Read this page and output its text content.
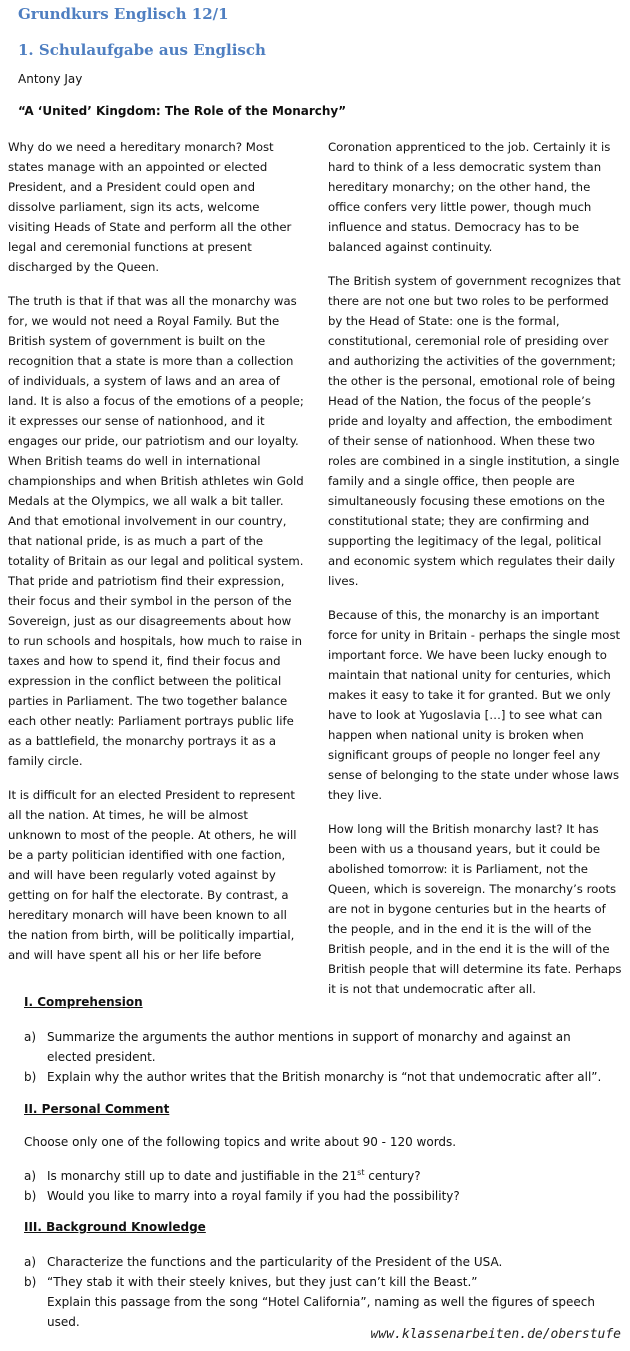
Grundkurs Englisch 12/1
1. Schulaufgabe aus Englisch
Antony Jay
“A ‘United’ Kingdom: The Role of the Monarchy”

Why do we need a hereditary monarch? Most states manage with an appointed or elected President, and a President could open and dissolve parliament, sign its acts, welcome visiting Heads of State and perform all the other legal and ceremonial functions at present discharged by the Queen.

The truth is that if that was all the monarchy was for, we would not need a Royal Family. But the British system of government is built on the recognition that a state is more than a collection of individuals, a system of laws and an area of land. It is also a focus of the emotions of a people; it expresses our sense of nationhood, and it engages our pride, our patriotism and our loyalty. When British teams do well in international championships and when British athletes win Gold Medals at the Olympics, we all walk a bit taller. And that emotional involvement in our country, that national pride, is as much a part of the totality of Britain as our legal and political system. That pride and patriotism find their expression, their focus and their symbol in the person of the Sovereign, just as our disagreements about how to run schools and hospitals, how much to raise in taxes and how to spend it, find their focus and expression in the conflict between the political parties in Parliament. The two together balance each other neatly: Parliament portrays public life as a battlefield, the monarchy portrays it as a family circle.

It is difficult for an elected President to represent all the nation. At times, he will be almost unknown to most of the people. At others, he will be a party politician identified with one faction, and will have been regularly voted against by getting on for half the electorate. By contrast, a hereditary monarch will have been known to all the nation from birth, will be politically impartial, and will have spent all his or her life before

Coronation apprenticed to the job. Certainly it is hard to think of a less democratic system than hereditary monarchy; on the other hand, the office confers very little power, though much influence and status. Democracy has to be balanced against continuity.

The British system of government recognizes that there are not one but two roles to be performed by the Head of State: one is the formal, constitutional, ceremonial role of presiding over and authorizing the activities of the government; the other is the personal, emotional role of being Head of the Nation, the focus of the people’s pride and loyalty and affection, the embodiment of their sense of nationhood. When these two roles are combined in a single institution, a single family and a single office, then people are simultaneously focusing these emotions on the constitutional state; they are confirming and supporting the legitimacy of the legal, political and economic system which regulates their daily lives.

Because of this, the monarchy is an important force for unity in Britain - perhaps the single most important force. We have been lucky enough to maintain that national unity for centuries, which makes it easy to take it for granted. But we only have to look at Yugoslavia […] to see what can happen when national unity is broken when significant groups of people no longer feel any sense of belonging to the state under whose laws they live.

How long will the British monarchy last? It has been with us a thousand years, but it could be abolished tomorrow: it is Parliament, not the Queen, which is sovereign. The monarchy’s roots are not in bygone centuries but in the hearts of the people, and in the end it is the will of the British people, and in the end it is the will of the British people that will determine its fate. Perhaps it is not that undemocratic after all.

I. Comprehension
a) Summarize the arguments the author mentions in support of monarchy and against an elected president.
b) Explain why the author writes that the British monarchy is “not that undemocratic after all”.
II. Personal Comment
Choose only one of the following topics and write about 90 - 120 words.
a) Is monarchy still up to date and justifiable in the 21st century?
b) Would you like to marry into a royal family if you had the possibility?
III. Background Knowledge
a) Characterize the functions and the particularity of the President of the USA.
b) “They stab it with their steely knives, but they just can’t kill the Beast.”
Explain this passage from the song “Hotel California”, naming as well the figures of speech used.
www.klassenarbeiten.de/oberstufe
